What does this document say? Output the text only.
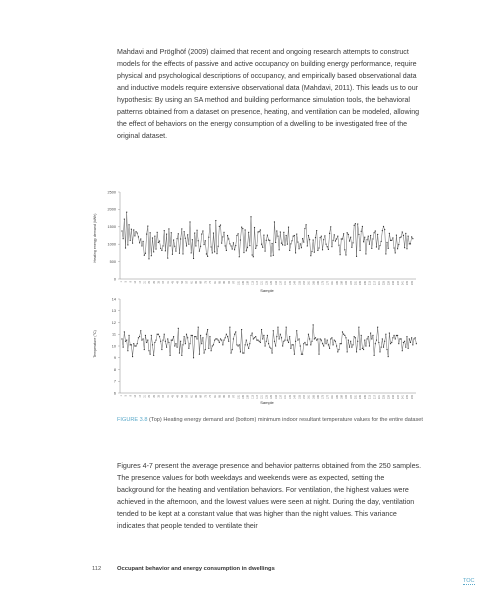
Mahdavi and Pröglhöf (2009) claimed that recent and ongoing research attempts to construct models for the effects of passive and active occupancy on building energy performance, require physical and psychological descriptions of occupancy, and empirically based observational data and inductive models require extensive observational data (Mahdavi, 2011). This leads us to our hypothesis: By using an SA method and building performance simulation tools, the behavioral patterns obtained from a dataset on presence, heating, and ventilation can be modeled, allowing the effect of behaviors on the energy consumption of a dwelling to be investigated free of the original dataset.

Heating energy demand (kWh)
Sample
0
500
1000
1500
2000
2500
1 5 9 13 17 21 25 29 33 37 41 45 49 53 57 61 65 69 73 77 81 85 89 93 97 101 105 109 113 117 121 125 129 133 137 141 145 149 153 157 161 165 169 173 177 181 185 189 193 197 201 205 209 213 217 221 225 229 233 237 241 245 249
Temperature (°C)
Sample
6
7
8
9
10
11
12
13
14
1 5 9 13 17 21 25 29 33 37 41 45 49 53 57 61 65 69 73 77 81 85 89 93 97 101 105 109 113 117 121 125 129 133 137 141 145 149 153 157 161 165 169 173 177 181 185 189 193 197 201 205 209 213 217 221 225 229 233 237 241 245 249

FIGURE 3.8 (Top) Heating energy demand and (bottom) minimum indoor resultant temperature values for the entire dataset

Figures 4-7 present the average presence and behavior patterns obtained from the 250 samples. The presence values for both weekdays and weekends were as expected, setting the background for the heating and ventilation behaviors. For ventilation, the highest values were achieved in the afternoon, and the lowest values were seen at night. During the day, ventilation tended to be kept at a constant value that was higher than the night values. This variance indicates that people tended to ventilate their

112	Occupant behavior and energy consumption in dwellings
TOC
